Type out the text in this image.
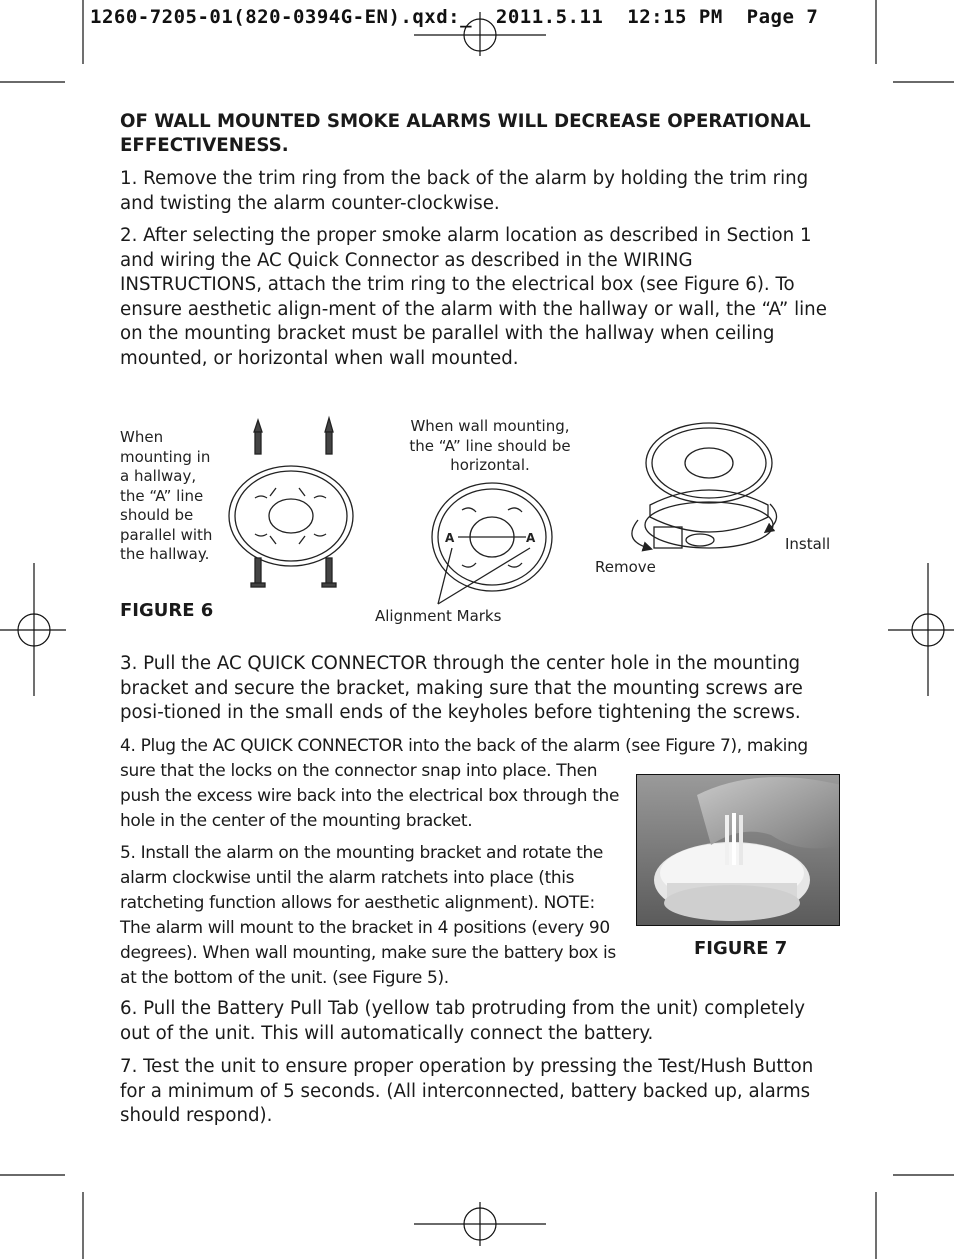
1260-7205-01(820-0394G-EN).qxd:_  2011.5.11  12:15 PM  Page 7

OF WALL MOUNTED SMOKE ALARMS WILL DECREASE OPERATIONAL EFFECTIVENESS.

1. Remove the trim ring from the back of the alarm by holding the trim ring and twisting the alarm counter-clockwise.

2. After selecting the proper smoke alarm location as described in Section 1 and wiring the AC Quick Connector as described in the WIRING INSTRUCTIONS, attach the trim ring to the electrical box (see Figure 6). To ensure aesthetic align-ment of the alarm with the hallway or wall, the “A” line on the mounting bracket must be parallel with the hallway when ceiling mounted, or horizontal when wall mounted.

A	A

When mounting in a hallway, the “A” line should be parallel with the hallway.

When wall mounting, the “A” line should be horizontal.

Alignment Marks

Remove

Install

FIGURE 6

3. Pull the AC QUICK CONNECTOR through the center hole in the mounting bracket and secure the bracket, making sure that the mounting screws are posi-tioned in the small ends of the keyholes before tightening the screws.

4. Plug the AC QUICK CONNECTOR into the back of the alarm (see Figure 7), making

sure that the locks on the connector snap into place. Then push the excess wire back into the electrical box through the hole in the center of the mounting bracket.

5. Install the alarm on the mounting bracket and rotate the alarm clockwise until the alarm ratchets into place (this ratcheting function allows for aesthetic alignment). NOTE: The alarm will mount to the bracket in 4 positions (every 90 degrees). When wall mounting, make sure the battery box is at the bottom of the unit. (see Figure 5).

FIGURE 7

6. Pull the Battery Pull Tab (yellow tab protruding from the unit) completely out of the unit. This will automatically connect the battery.

7. Test the unit to ensure proper operation by pressing the Test/Hush Button for a minimum of 5 seconds. (All interconnected, battery backed up, alarms should respond).
